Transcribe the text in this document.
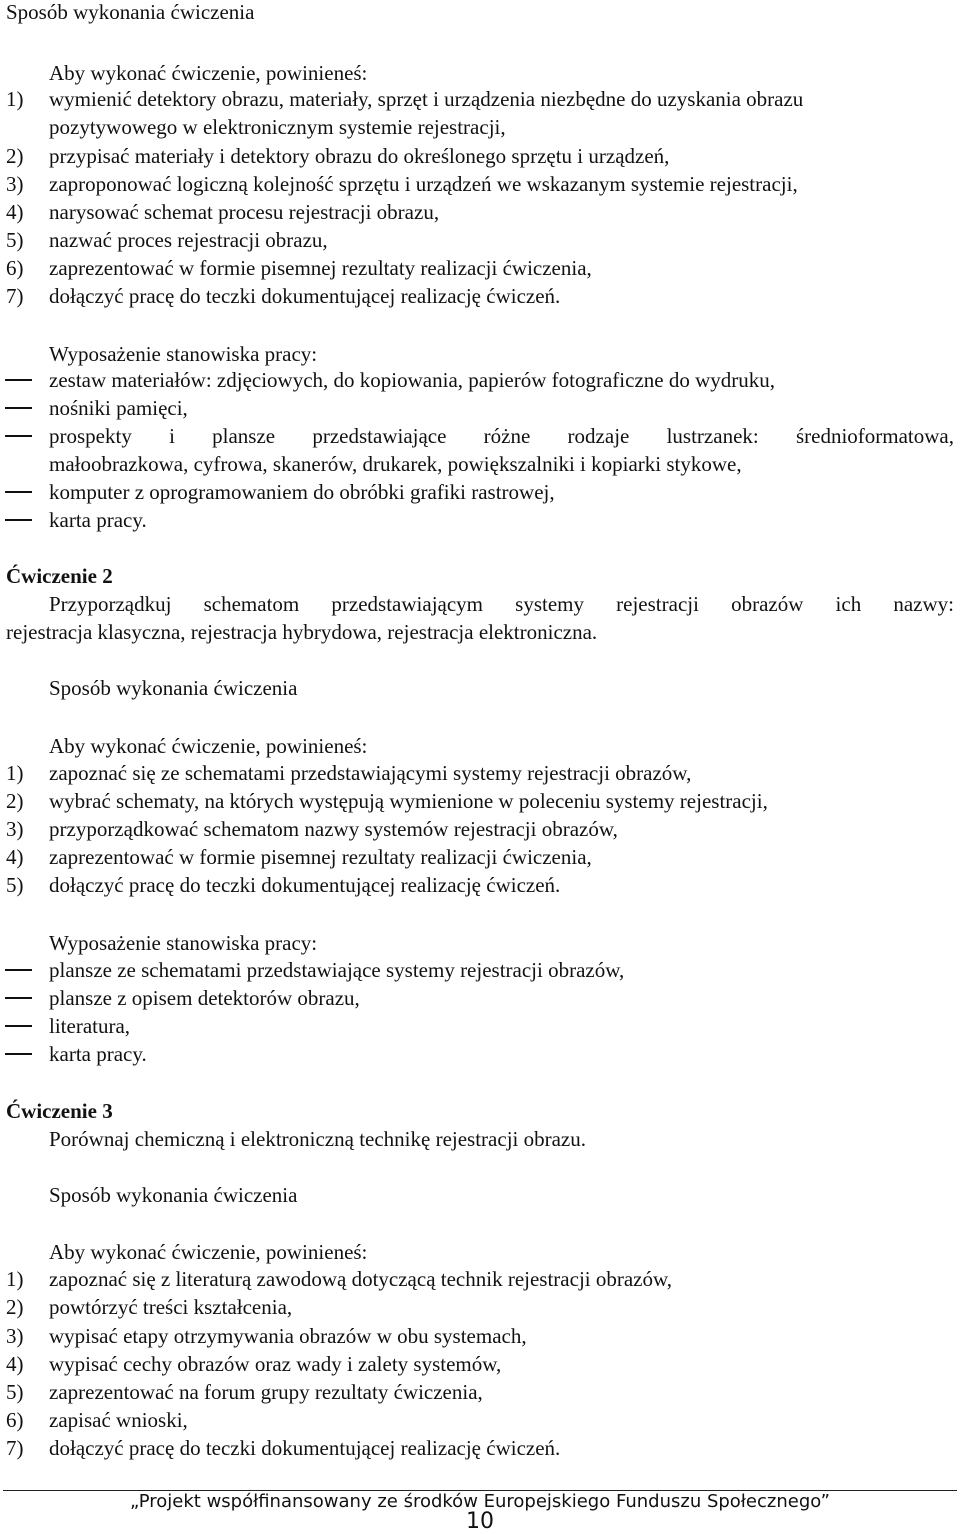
Sposób wykonania ćwiczenia
Aby wykonać ćwiczenie, powinieneś:
1) wymienić detektory obrazu, materiały, sprzęt i urządzenia niezbędne do uzyskania obrazu
pozytywowego w elektronicznym systemie rejestracji,
2) przypisać materiały i detektory obrazu do określonego sprzętu i urządzeń,
3) zaproponować logiczną kolejność sprzętu i urządzeń we wskazanym systemie rejestracji,
4) narysować schemat procesu rejestracji obrazu,
5) nazwać proces rejestracji obrazu,
6) zaprezentować w formie pisemnej rezultaty realizacji ćwiczenia,
7) dołączyć pracę do teczki dokumentującej realizację ćwiczeń.
Wyposażenie stanowiska pracy:
zestaw materiałów: zdjęciowych, do kopiowania, papierów fotograficzne do wydruku,
nośniki pamięci,
prospekty i plansze przedstawiające różne rodzaje lustrzanek: średnioformatowa,
małoobrazkowa, cyfrowa, skanerów, drukarek, powiększalniki i kopiarki stykowe,
komputer z oprogramowaniem do obróbki grafiki rastrowej,
karta pracy.
Ćwiczenie 2
Przyporządkuj schematom przedstawiającym systemy rejestracji obrazów ich nazwy:
rejestracja klasyczna, rejestracja hybrydowa, rejestracja elektroniczna.
Sposób wykonania ćwiczenia
Aby wykonać ćwiczenie, powinieneś:
1) zapoznać się ze schematami przedstawiającymi systemy rejestracji obrazów,
2) wybrać schematy, na których występują wymienione w poleceniu systemy rejestracji,
3) przyporządkować schematom nazwy systemów rejestracji obrazów,
4) zaprezentować w formie pisemnej rezultaty realizacji ćwiczenia,
5) dołączyć pracę do teczki dokumentującej realizację ćwiczeń.
Wyposażenie stanowiska pracy:
plansze ze schematami przedstawiające systemy rejestracji obrazów,
plansze z opisem detektorów obrazu,
literatura,
karta pracy.
Ćwiczenie 3
Porównaj chemiczną i elektroniczną technikę rejestracji obrazu.
Sposób wykonania ćwiczenia
Aby wykonać ćwiczenie, powinieneś:
1) zapoznać się z literaturą zawodową dotyczącą technik rejestracji obrazów,
2) powtórzyć treści kształcenia,
3) wypisać etapy otrzymywania obrazów w obu systemach,
4) wypisać cechy obrazów oraz wady i zalety systemów,
5) zaprezentować na forum grupy rezultaty ćwiczenia,
6) zapisać wnioski,
7) dołączyć pracę do teczki dokumentującej realizację ćwiczeń.
„Projekt współfinansowany ze środków Europejskiego Funduszu Społecznego”
10
